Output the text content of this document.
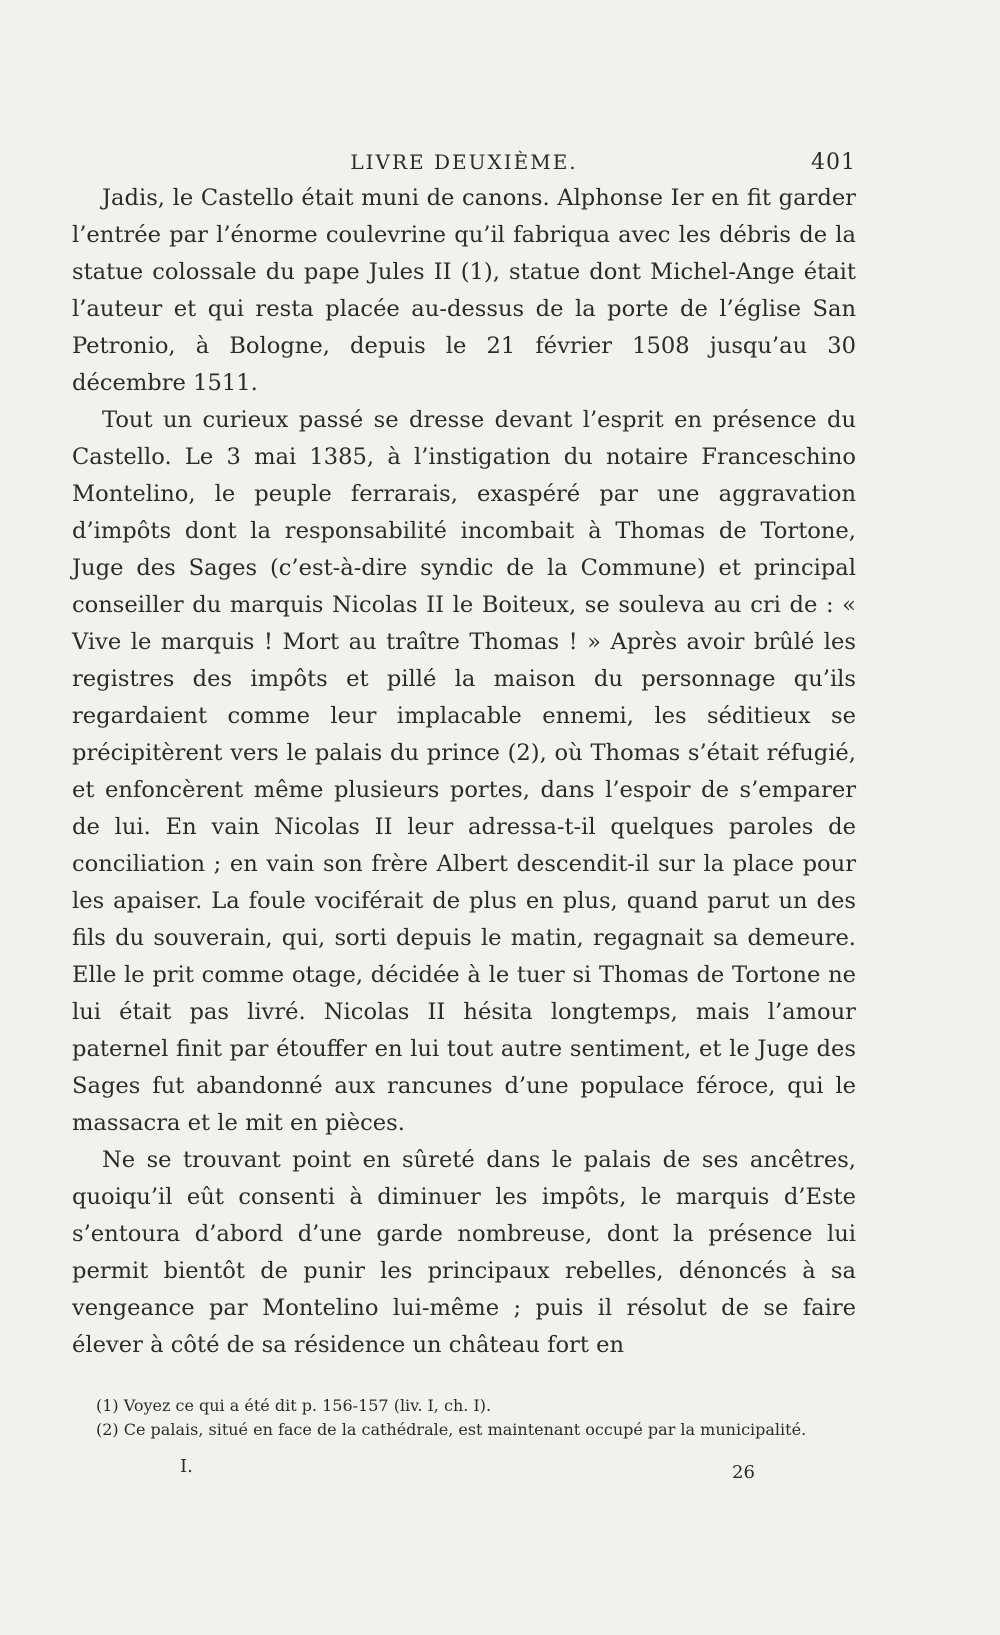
LIVRE DEUXIÈME.	401

Jadis, le Castello était muni de canons. Alphonse Ier en fit garder l’entrée par l’énorme coulevrine qu’il fabriqua avec les débris de la statue colossale du pape Jules II (1), statue dont Michel-Ange était l’auteur et qui resta placée au-dessus de la porte de l’église San Petronio, à Bologne, depuis le 21 février 1508 jusqu’au 30 décembre 1511.

Tout un curieux passé se dresse devant l’esprit en présence du Castello. Le 3 mai 1385, à l’instigation du notaire Franceschino Montelino, le peuple ferrarais, exaspéré par une aggravation d’impôts dont la responsabilité incombait à Thomas de Tortone, Juge des Sages (c’est-à-dire syndic de la Commune) et principal conseiller du marquis Nicolas II le Boiteux, se souleva au cri de : « Vive le marquis ! Mort au traître Thomas ! » Après avoir brûlé les registres des impôts et pillé la maison du personnage qu’ils regardaient comme leur implacable ennemi, les séditieux se précipitèrent vers le palais du prince (2), où Thomas s’était réfugié, et enfoncèrent même plusieurs portes, dans l’espoir de s’emparer de lui. En vain Nicolas II leur adressa-t-il quelques paroles de conciliation ; en vain son frère Albert descendit-il sur la place pour les apaiser. La foule vociférait de plus en plus, quand parut un des fils du souverain, qui, sorti depuis le matin, regagnait sa demeure. Elle le prit comme otage, décidée à le tuer si Thomas de Tortone ne lui était pas livré. Nicolas II hésita longtemps, mais l’amour paternel finit par étouffer en lui tout autre sentiment, et le Juge des Sages fut abandonné aux rancunes d’une populace féroce, qui le massacra et le mit en pièces.

Ne se trouvant point en sûreté dans le palais de ses ancêtres, quoiqu’il eût consenti à diminuer les impôts, le marquis d’Este s’entoura d’abord d’une garde nombreuse, dont la présence lui permit bientôt de punir les principaux rebelles, dénoncés à sa vengeance par Montelino lui-même ; puis il résolut de se faire élever à côté de sa résidence un château fort en

(1) Voyez ce qui a été dit p. 156-157 (liv. I, ch. I).

(2) Ce palais, situé en face de la cathédrale, est maintenant occupé par la municipalité.

I.	26
